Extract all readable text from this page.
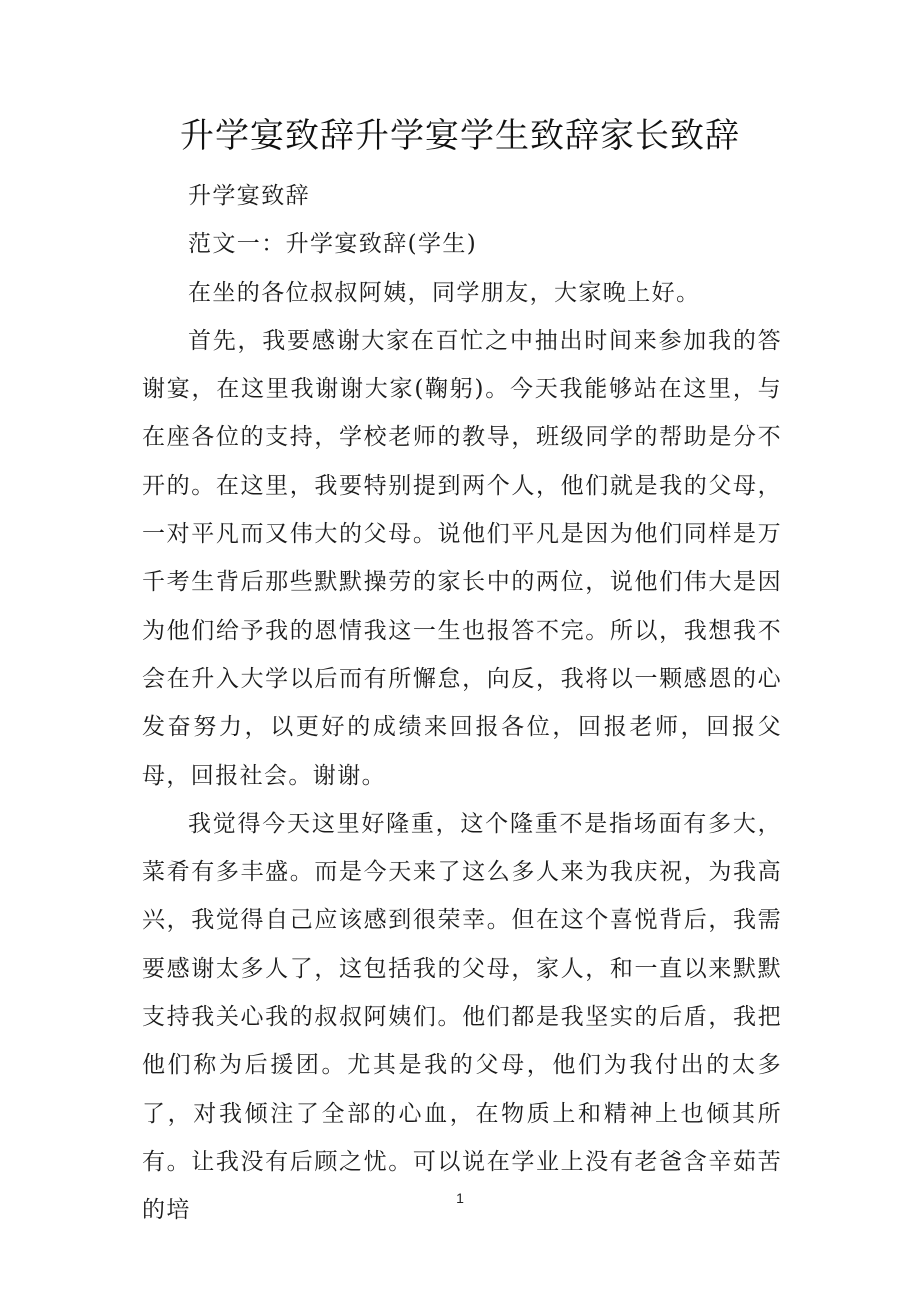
升学宴致辞升学宴学生致辞家长致辞

升学宴致辞

范文一：升学宴致辞(学生)

在坐的各位叔叔阿姨，同学朋友，大家晚上好。

首先，我要感谢大家在百忙之中抽出时间来参加我的答谢宴，在这里我谢谢大家(鞠躬)。今天我能够站在这里，与在座各位的支持，学校老师的教导，班级同学的帮助是分不开的。在这里，我要特别提到两个人，他们就是我的父母，一对平凡而又伟大的父母。说他们平凡是因为他们同样是万千考生背后那些默默操劳的家长中的两位，说他们伟大是因为他们给予我的恩情我这一生也报答不完。所以，我想我不会在升入大学以后而有所懈怠，向反，我将以一颗感恩的心发奋努力，以更好的成绩来回报各位，回报老师，回报父母，回报社会。谢谢。

我觉得今天这里好隆重，这个隆重不是指场面有多大，菜肴有多丰盛。而是今天来了这么多人来为我庆祝，为我高兴，我觉得自己应该感到很荣幸。但在这个喜悦背后，我需要感谢太多人了，这包括我的父母，家人，和一直以来默默支持我关心我的叔叔阿姨们。他们都是我坚实的后盾，我把他们称为后援团。尤其是我的父母，他们为我付出的太多了，对我倾注了全部的心血，在物质上和精神上也倾其所有。让我没有后顾之忧。可以说在学业上没有老爸含辛茹苦的培	1
